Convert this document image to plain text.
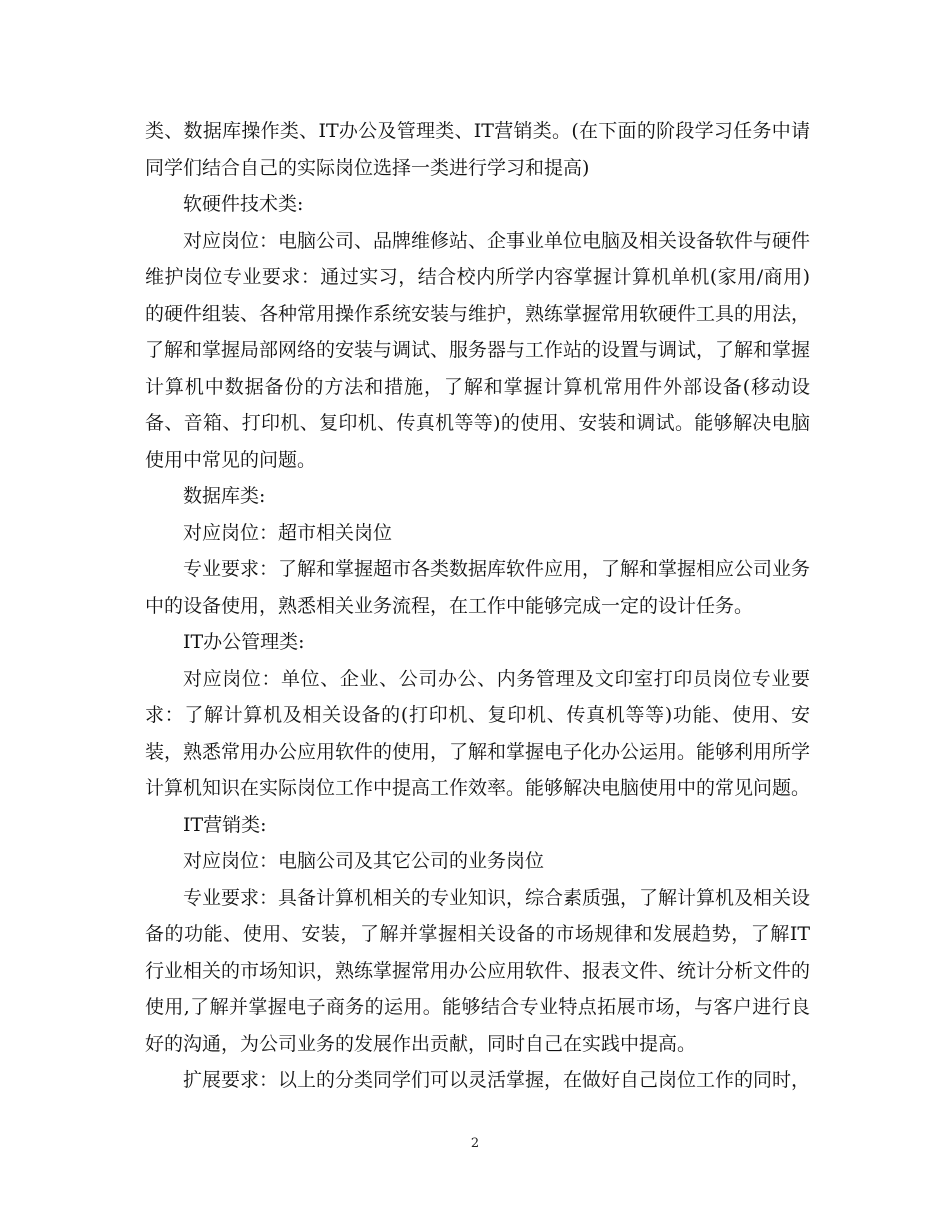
类、数据库操作类、IT办公及管理类、IT营销类。(在下面的阶段学习任务中请同学们结合自己的实际岗位选择一类进行学习和提高)

软硬件技术类:

对应岗位：电脑公司、品牌维修站、企事业单位电脑及相关设备软件与硬件维护岗位专业要求：通过实习，结合校内所学内容掌握计算机单机(家用/商用)的硬件组装、各种常用操作系统安装与维护，熟练掌握常用软硬件工具的用法，了解和掌握局部网络的安装与调试、服务器与工作站的设置与调试，了解和掌握计算机中数据备份的方法和措施，了解和掌握计算机常用件外部设备(移动设备、音箱、打印机、复印机、传真机等等)的使用、安装和调试。能够解决电脑使用中常见的问题。

数据库类:

对应岗位：超市相关岗位

专业要求：了解和掌握超市各类数据库软件应用，了解和掌握相应公司业务中的设备使用，熟悉相关业务流程，在工作中能够完成一定的设计任务。

IT办公管理类:

对应岗位：单位、企业、公司办公、内务管理及文印室打印员岗位专业要求：了解计算机及相关设备的(打印机、复印机、传真机等等)功能、使用、安装，熟悉常用办公应用软件的使用，了解和掌握电子化办公运用。能够利用所学计算机知识在实际岗位工作中提高工作效率。能够解决电脑使用中的常见问题。

IT营销类:

对应岗位：电脑公司及其它公司的业务岗位

专业要求：具备计算机相关的专业知识，综合素质强，了解计算机及相关设备的功能、使用、安装，了解并掌握相关设备的市场规律和发展趋势，了解IT行业相关的市场知识，熟练掌握常用办公应用软件、报表文件、统计分析文件的使用,了解并掌握电子商务的运用。能够结合专业特点拓展市场，与客户进行良好的沟通，为公司业务的发展作出贡献，同时自己在实践中提高。

扩展要求：以上的分类同学们可以灵活掌握，在做好自己岗位工作的同时，

2
